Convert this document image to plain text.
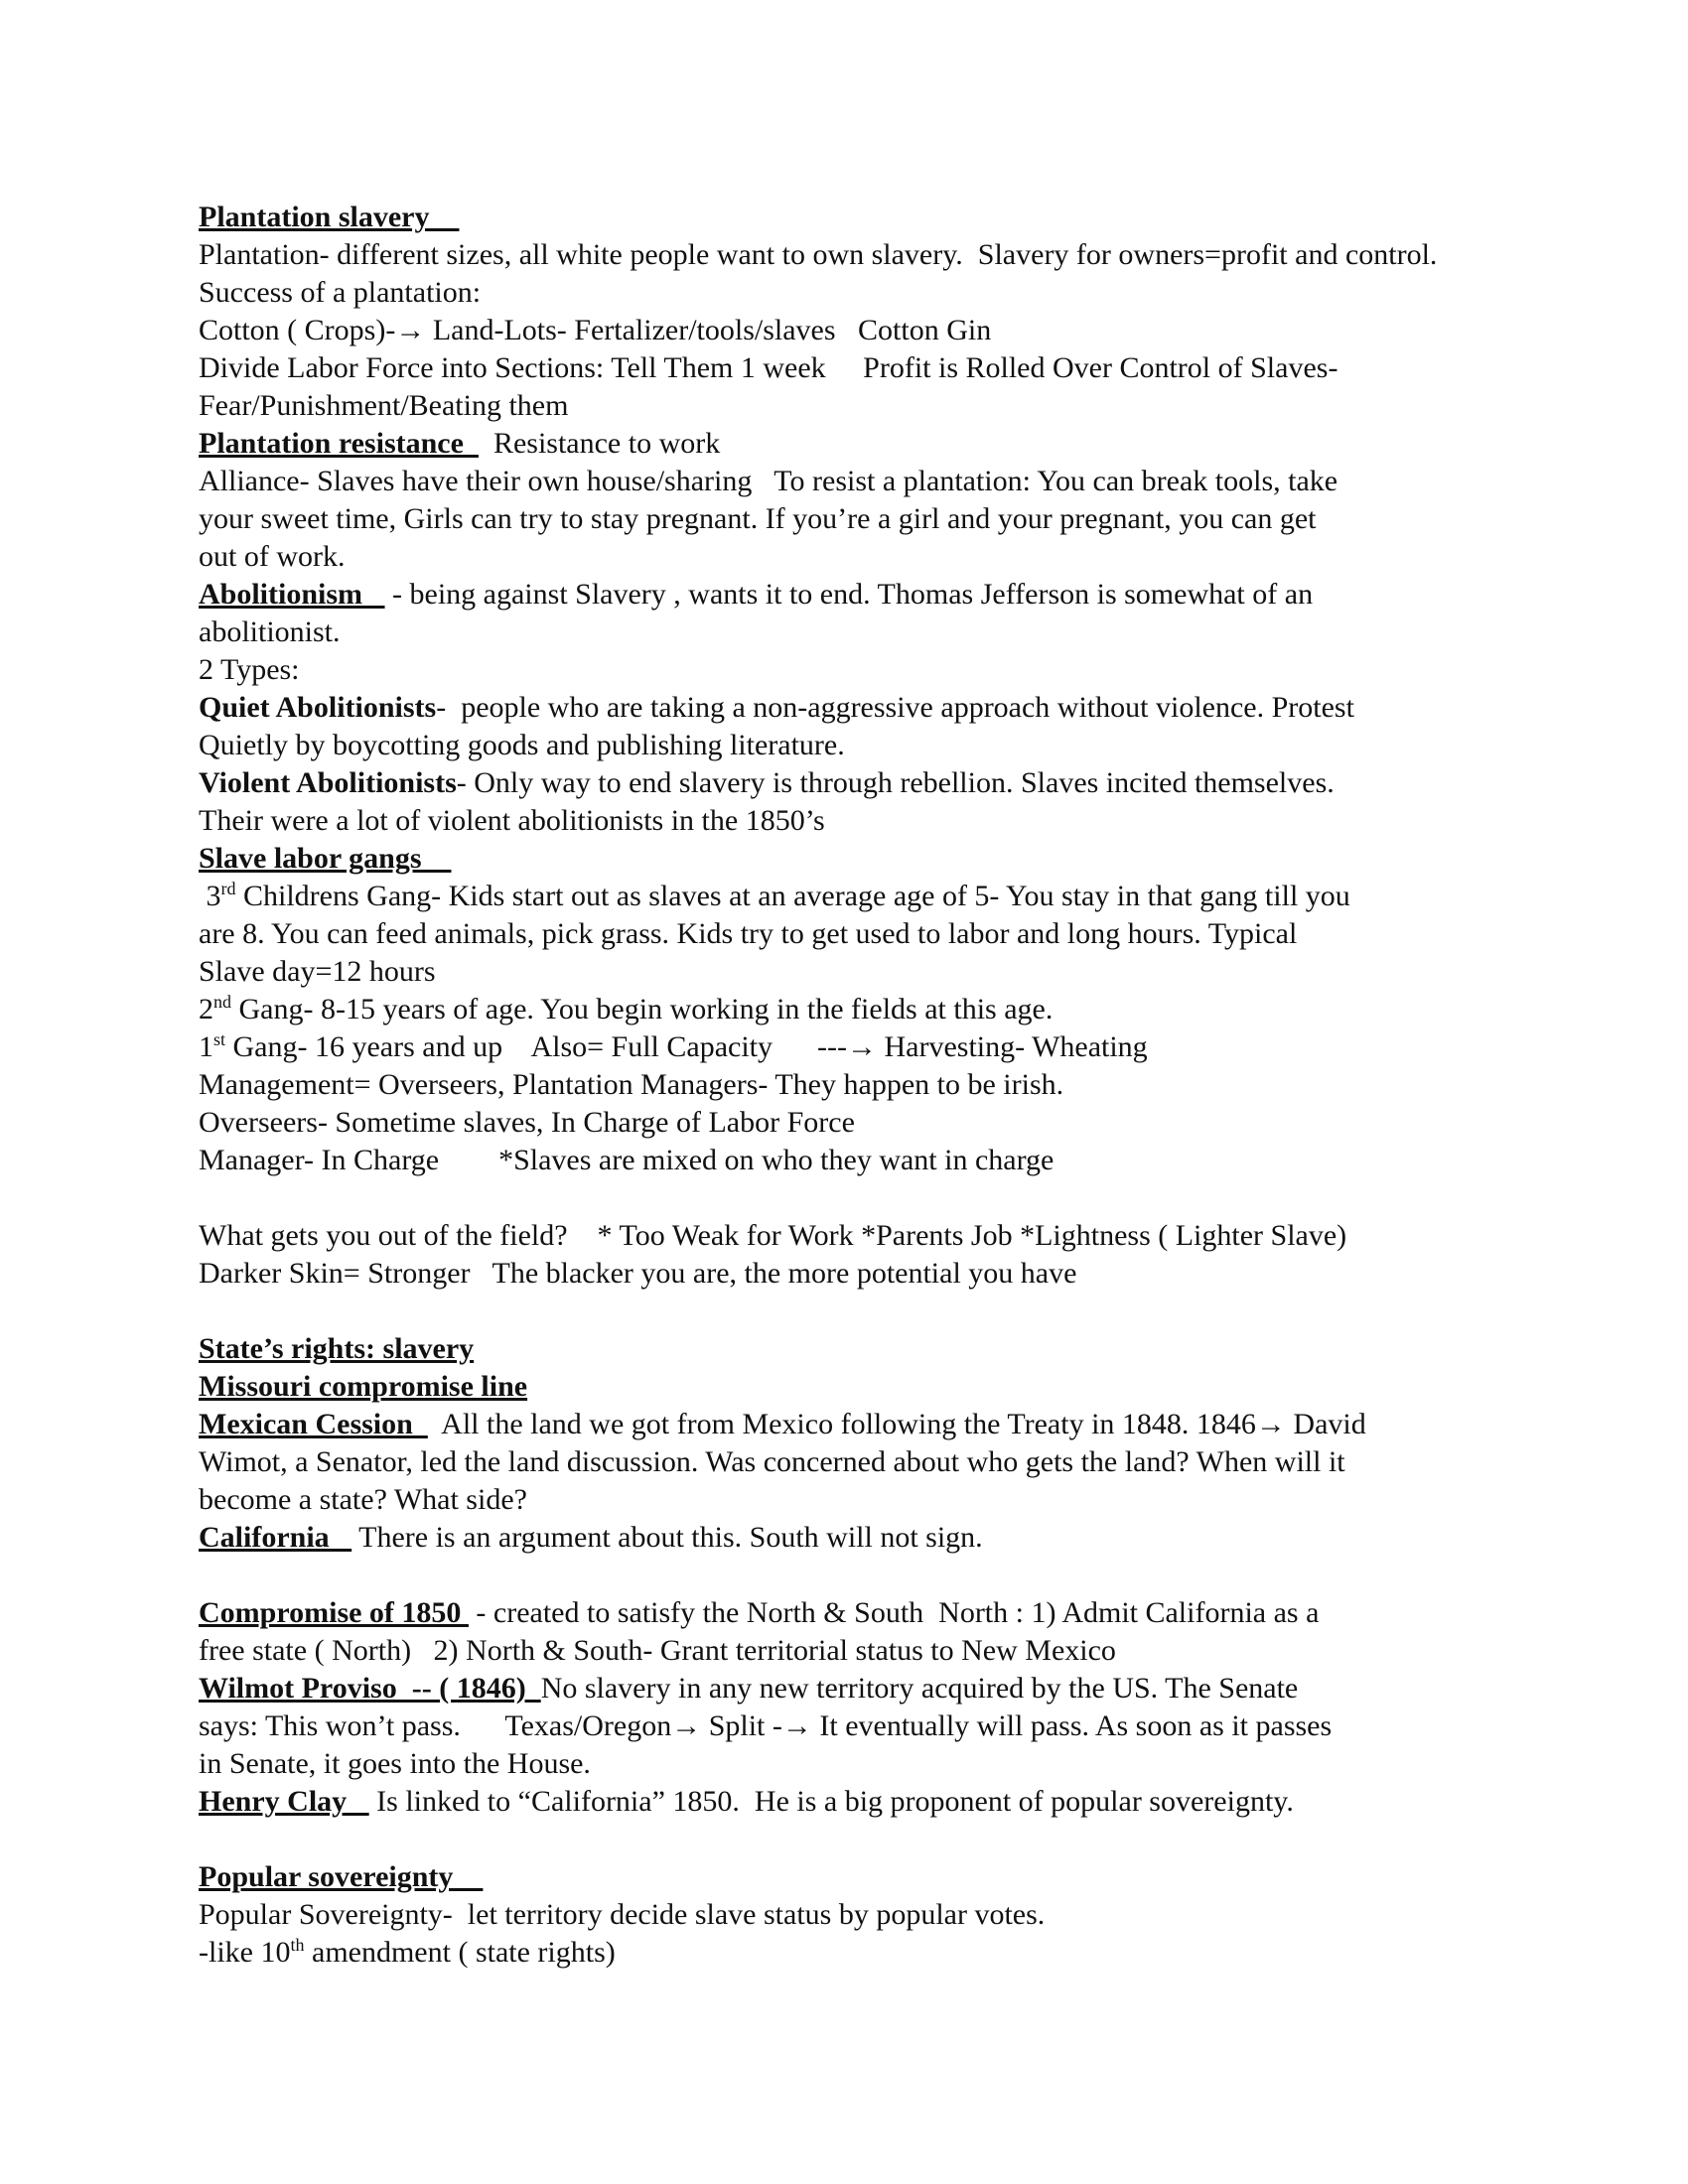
Plantation slavery

Plantation- different sizes, all white people want to own slavery.  Slavery for owners=profit and control.

Success of a plantation:

Cotton ( Crops)-→ Land-Lots- Fertalizer/tools/slaves   Cotton Gin

Divide Labor Force into Sections: Tell Them 1 week     Profit is Rolled Over Control of Slaves-

Fear/Punishment/Beating them

Plantation resistance    Resistance to work

Alliance- Slaves have their own house/sharing   To resist a plantation: You can break tools, take

your sweet time, Girls can try to stay pregnant. If you’re a girl and your pregnant, you can get

out of work.

Abolitionism    - being against Slavery , wants it to end. Thomas Jefferson is somewhat of an

abolitionist.

2 Types:

Quiet Abolitionists-  people who are taking a non-aggressive approach without violence. Protest

Quietly by boycotting goods and publishing literature.

Violent Abolitionists- Only way to end slavery is through rebellion. Slaves incited themselves.

Their were a lot of violent abolitionists in the 1850’s

Slave labor gangs

3rd Childrens Gang- Kids start out as slaves at an average age of 5- You stay in that gang till you

are 8. You can feed animals, pick grass. Kids try to get used to labor and long hours. Typical

Slave day=12 hours

2nd Gang- 8-15 years of age. You begin working in the fields at this age.

1st Gang- 16 years and up    Also= Full Capacity      ---→ Harvesting- Wheating

Management= Overseers, Plantation Managers- They happen to be irish.

Overseers- Sometime slaves, In Charge of Labor Force

Manager- In Charge        *Slaves are mixed on who they want in charge

What gets you out of the field?    * Too Weak for Work *Parents Job *Lightness ( Lighter Slave)

Darker Skin= Stronger   The blacker you are, the more potential you have

State’s rights: slavery

Missouri compromise line

Mexican Cession    All the land we got from Mexico following the Treaty in 1848. 1846→ David

Wimot, a Senator, led the land discussion. Was concerned about who gets the land? When will it

become a state? What side?

California    There is an argument about this. South will not sign.

Compromise of 1850  - created to satisfy the North & South  North : 1) Admit California as a

free state ( North)   2) North & South- Grant territorial status to New Mexico

Wilmot Proviso  -- ( 1846)  No slavery in any new territory acquired by the US. The Senate

says: This won’t pass.      Texas/Oregon→ Split -→ It eventually will pass. As soon as it passes

in Senate, it goes into the House.

Henry Clay    Is linked to “California” 1850.  He is a big proponent of popular sovereignty.

Popular sovereignty

Popular Sovereignty-  let territory decide slave status by popular votes.

-like 10th amendment ( state rights)
